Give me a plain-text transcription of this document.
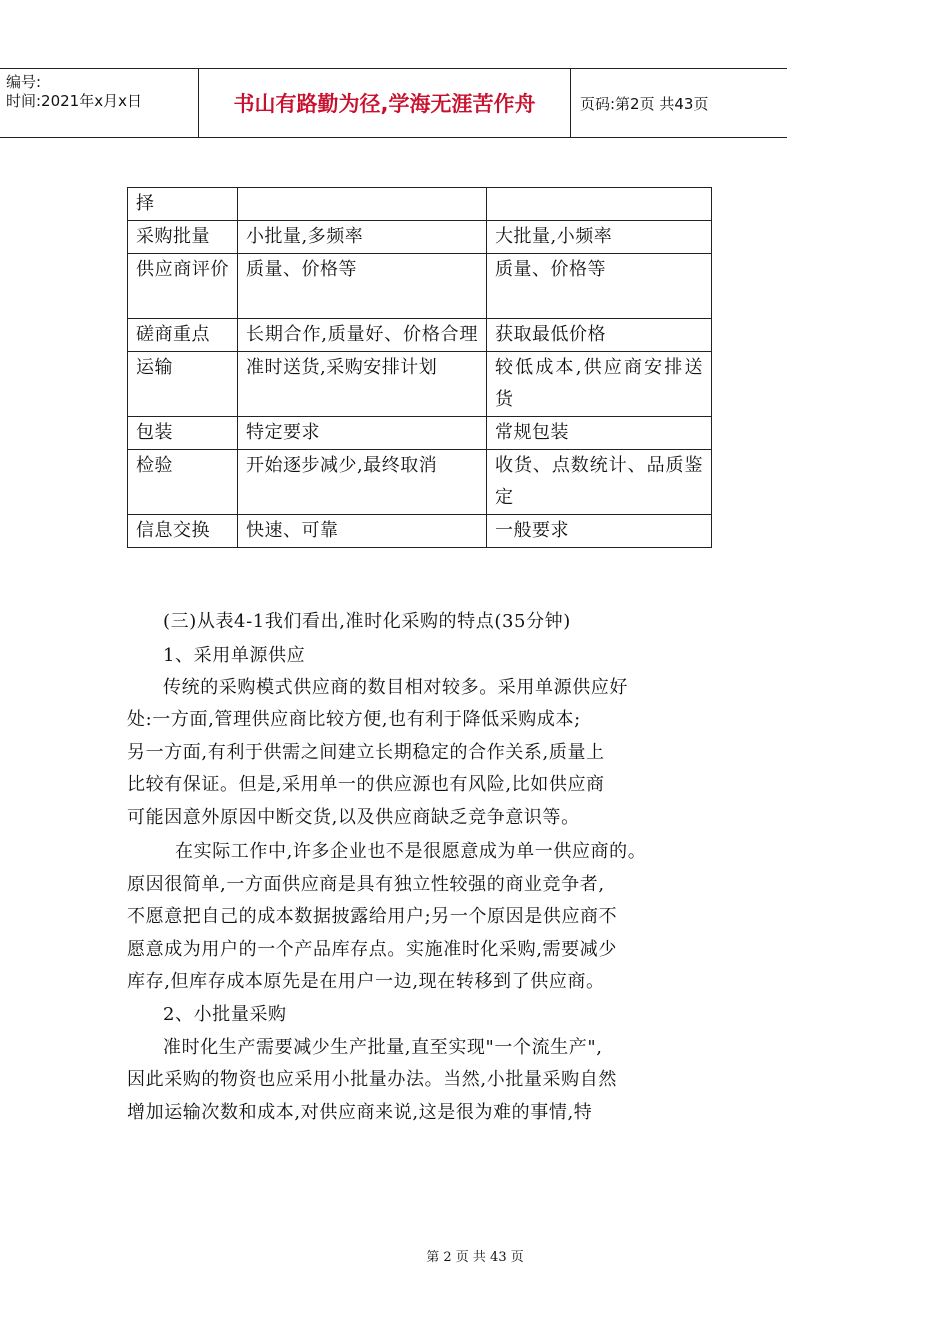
编号:
时间:2021年x月x日	书山有路勤为径,学海无涯苦作舟	页码:第2页 共43页
择		
采购批量	小批量,多频率	大批量,小频率
供应商评价	质量、价格等	质量、价格等
磋商重点	长期合作,质量好、价格合理	获取最低价格
运输	准时送货,采购安排计划	较低成本,供应商安排送货
包装	特定要求	常规包装
检验	开始逐步减少,最终取消	收货、点数统计、品质鉴定
信息交换	快速、可靠	一般要求
(三)从表4-1我们看出,准时化采购的特点(35分钟)
1、采用单源供应
传统的采购模式供应商的数目相对较多。采用单源供应好
处:一方面,管理供应商比较方便,也有利于降低采购成本;
另一方面,有利于供需之间建立长期稳定的合作关系,质量上
比较有保证。但是,采用单一的供应源也有风险,比如供应商
可能因意外原因中断交货,以及供应商缺乏竞争意识等。
在实际工作中,许多企业也不是很愿意成为单一供应商的。
原因很简单,一方面供应商是具有独立性较强的商业竞争者,
不愿意把自己的成本数据披露给用户;另一个原因是供应商不
愿意成为用户的一个产品库存点。实施准时化采购,需要减少
库存,但库存成本原先是在用户一边,现在转移到了供应商。
2、小批量采购
准时化生产需要减少生产批量,直至实现"一个流生产",
因此采购的物资也应采用小批量办法。当然,小批量采购自然
增加运输次数和成本,对供应商来说,这是很为难的事情,特
第 2 页 共 43 页
